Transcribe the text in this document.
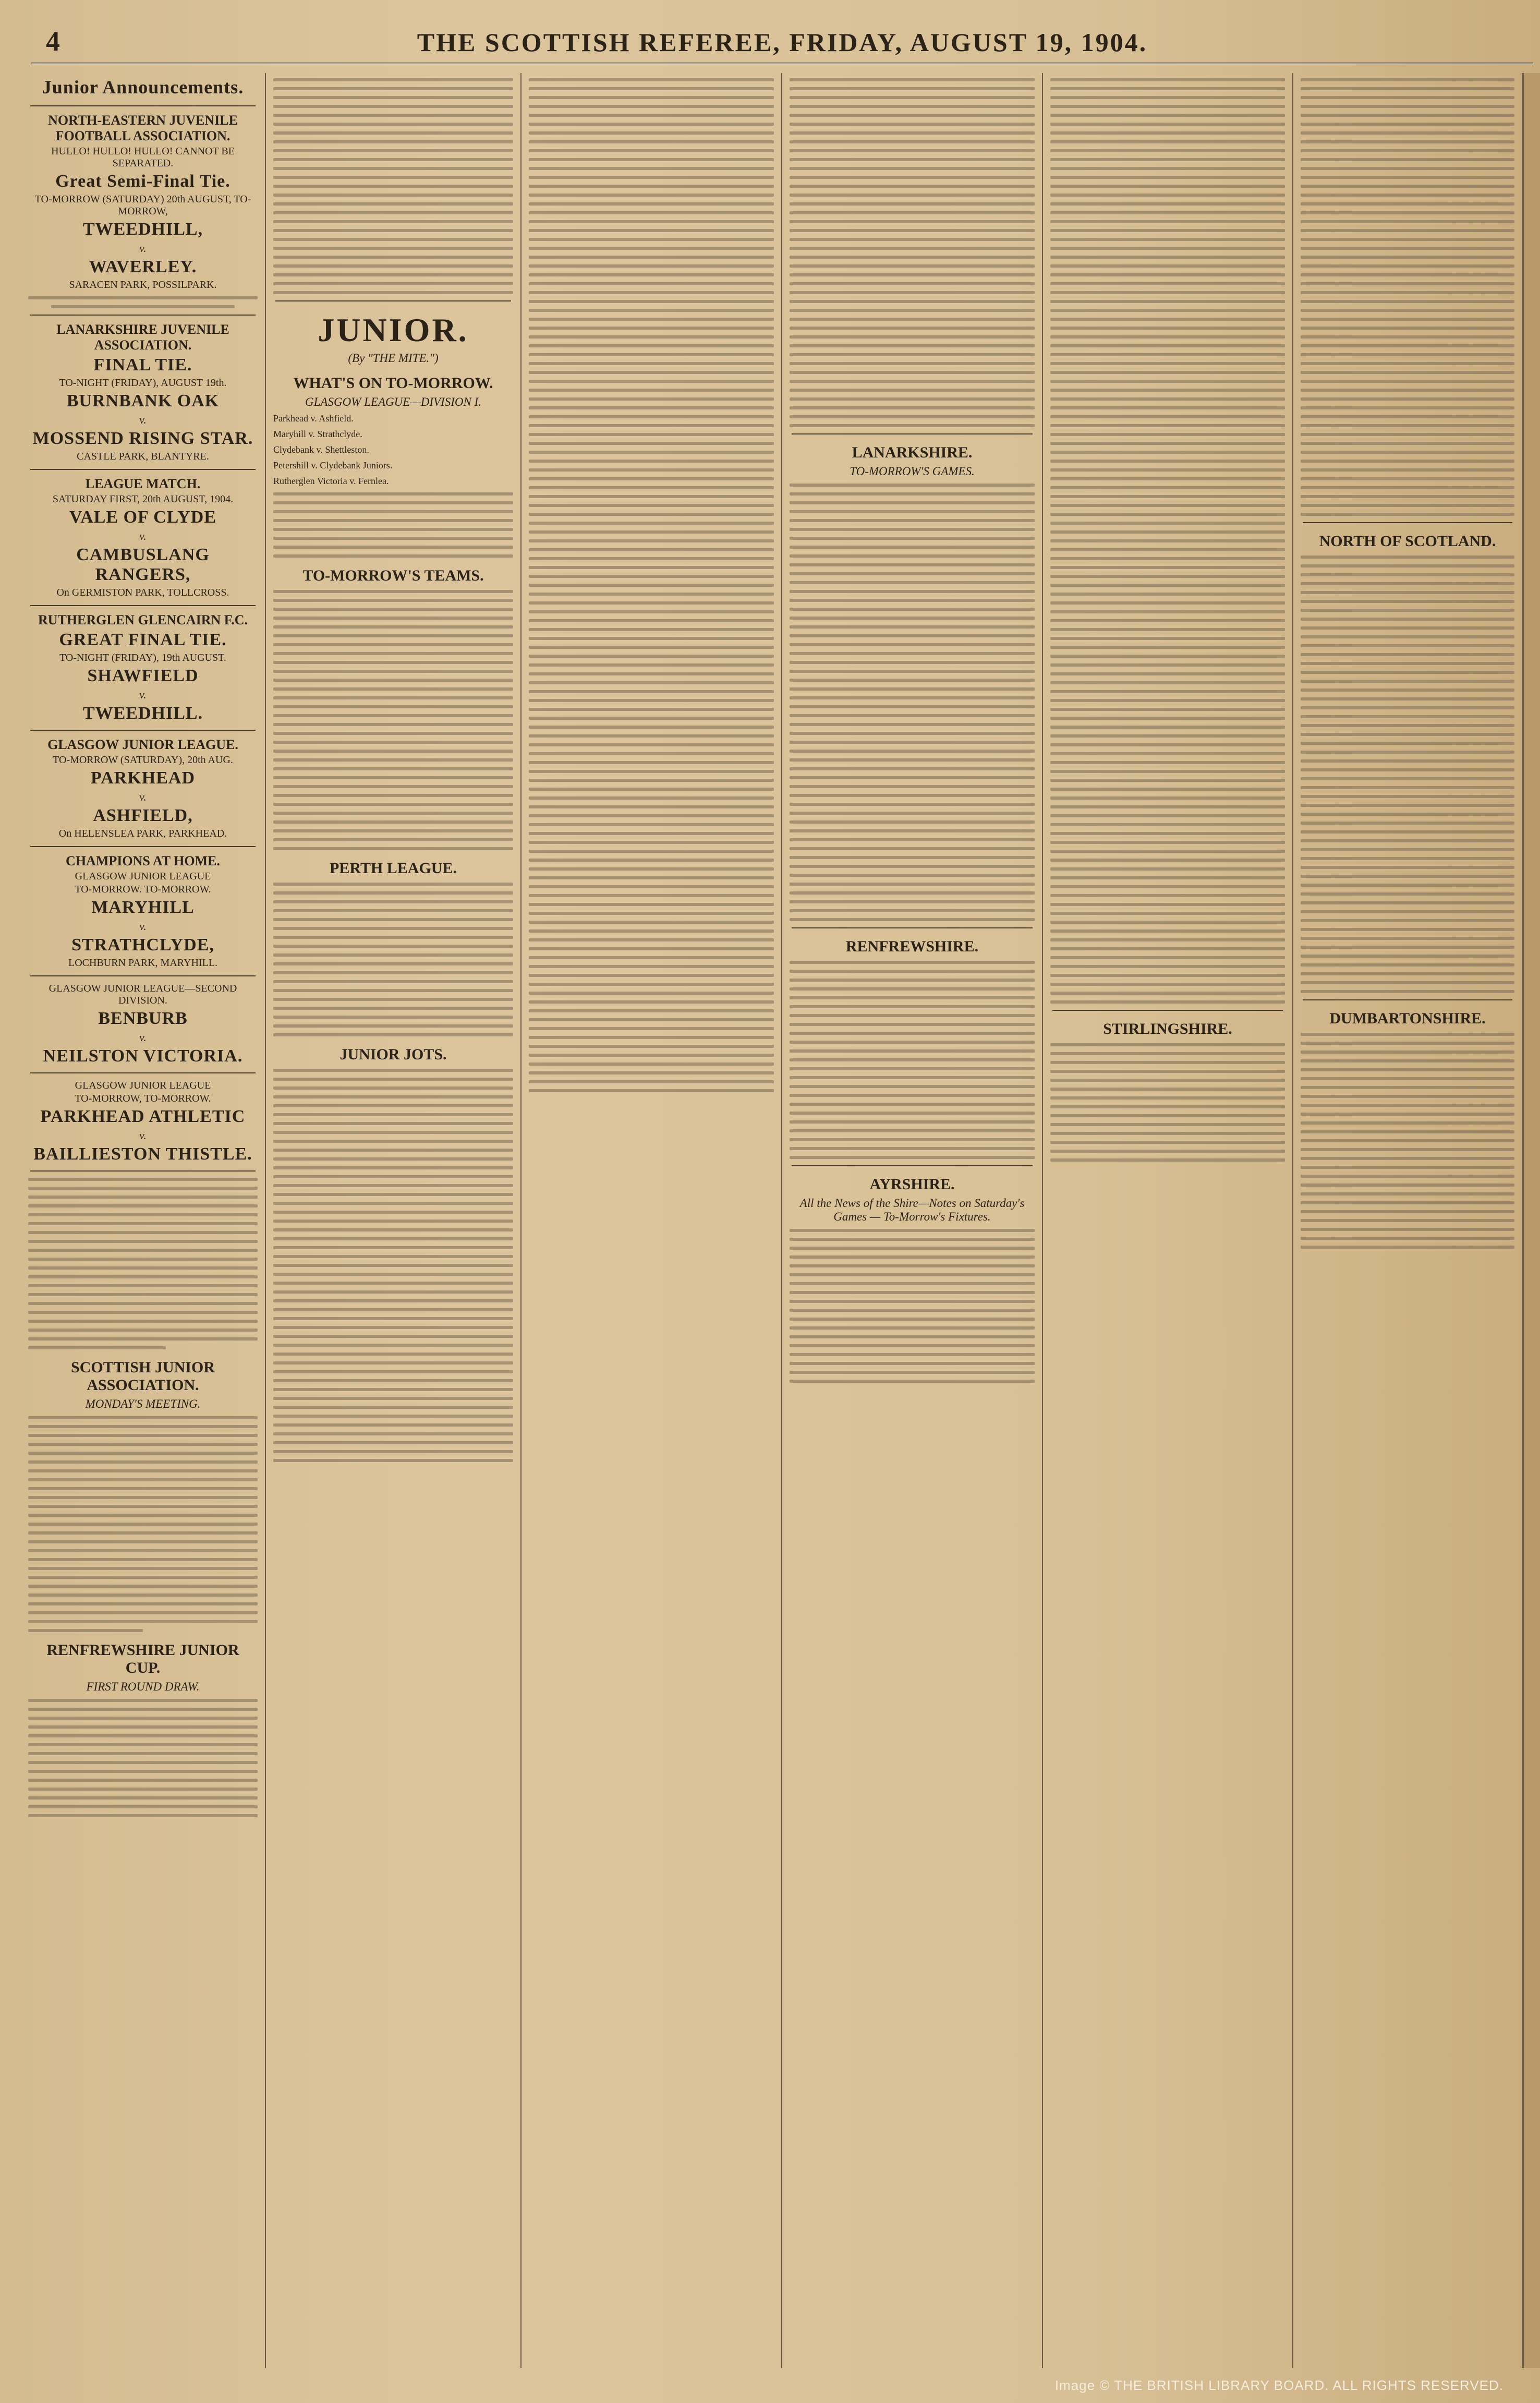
4	THE SCOTTISH REFEREE, FRIDAY, AUGUST 19, 1904.
Junior Announcements.
NORTH-EASTERN JUVENILE FOOTBALL ASSOCIATION.
HULLO! HULLO! HULLO! CANNOT BE SEPARATED.
Great Semi-Final Tie.
TO-MORROW (SATURDAY) 20th AUGUST, TO-MORROW,
TWEEDHILL,
v.
WAVERLEY.
SARACEN PARK, POSSILPARK.
LANARKSHIRE JUVENILE ASSOCIATION.
FINAL TIE.
TO-NIGHT (FRIDAY), AUGUST 19th.
BURNBANK OAK
v.
MOSSEND RISING STAR.
CASTLE PARK, BLANTYRE.
LEAGUE MATCH.
SATURDAY FIRST, 20th AUGUST, 1904.
VALE OF CLYDE
v.
CAMBUSLANG RANGERS,
On GERMISTON PARK, TOLLCROSS.
RUTHERGLEN GLENCAIRN F.C.
GREAT FINAL TIE.
TO-NIGHT (FRIDAY), 19th AUGUST.
SHAWFIELD
v.
TWEEDHILL.
GLASGOW JUNIOR LEAGUE.
TO-MORROW (SATURDAY), 20th AUG.
PARKHEAD
v.
ASHFIELD,
On HELENSLEA PARK, PARKHEAD.
CHAMPIONS AT HOME.
GLASGOW JUNIOR LEAGUE
TO-MORROW. TO-MORROW.
MARYHILL
v.
STRATHCLYDE,
LOCHBURN PARK, MARYHILL.
GLASGOW JUNIOR LEAGUE—SECOND DIVISION.
BENBURB
v.
NEILSTON VICTORIA.
GLASGOW JUNIOR LEAGUE
TO-MORROW, TO-MORROW.
PARKHEAD ATHLETIC
v.
BAILLIESTON THISTLE.
SCOTTISH JUNIOR ASSOCIATION.
MONDAY'S MEETING.
RENFREWSHIRE JUNIOR CUP.
FIRST ROUND DRAW.
JUNIOR.
(By "THE MITE.")
WHAT'S ON TO-MORROW.
GLASGOW LEAGUE—DIVISION I.
Parkhead v. Ashfield.
Maryhill v. Strathclyde.
Clydebank v. Shettleston.
Petershill v. Clydebank Juniors.
Rutherglen Victoria v. Fernlea.
TO-MORROW'S TEAMS.
PERTH LEAGUE.
JUNIOR JOTS.
LANARKSHIRE.
TO-MORROW'S GAMES.
RENFREWSHIRE.
AYRSHIRE.
All the News of the Shire—Notes on Saturday's Games — To-Morrow's Fixtures.
STIRLINGSHIRE.
NORTH OF SCOTLAND.
DUMBARTONSHIRE.
Image © THE BRITISH LIBRARY BOARD. ALL RIGHTS RESERVED.
